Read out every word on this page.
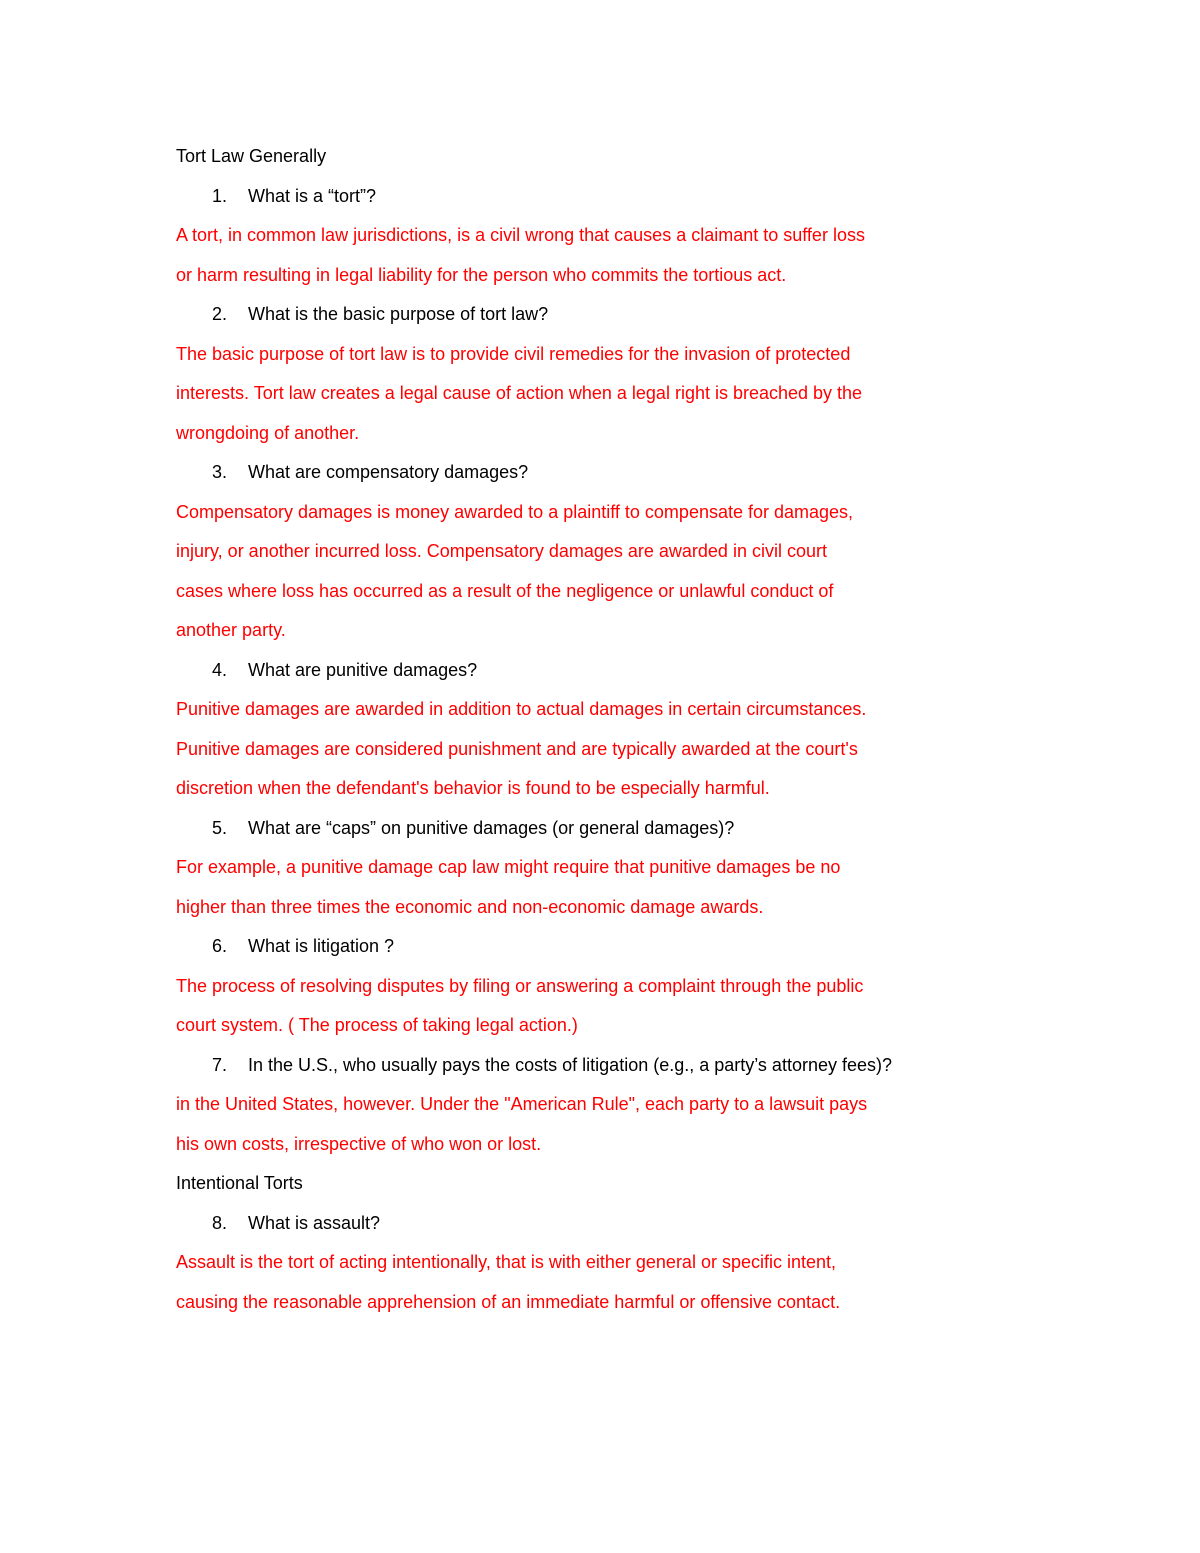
Tort Law Generally
1. What is a “tort”?
A tort, in common law jurisdictions, is a civil wrong that causes a claimant to suffer loss
or harm resulting in legal liability for the person who commits the tortious act.
2. What is the basic purpose of tort law?
The basic purpose of tort law is to provide civil remedies for the invasion of protected
interests. Tort law creates a legal cause of action when a legal right is breached by the
wrongdoing of another.
3. What are compensatory damages?
Compensatory damages is money awarded to a plaintiff to compensate for damages,
injury, or another incurred loss. Compensatory damages are awarded in civil court
cases where loss has occurred as a result of the negligence or unlawful conduct of
another party.
4. What are punitive damages?
Punitive damages are awarded in addition to actual damages in certain circumstances.
Punitive damages are considered punishment and are typically awarded at the court's
discretion when the defendant's behavior is found to be especially harmful.
5. What are “caps” on punitive damages (or general damages)?
For example, a punitive damage cap law might require that punitive damages be no
higher than three times the economic and non-economic damage awards.
6. What is litigation ?
The process of resolving disputes by filing or answering a complaint through the public
court system. ( The process of taking legal action.)
7. In the U.S., who usually pays the costs of litigation (e.g., a party’s attorney fees)?
in the United States, however. Under the "American Rule", each party to a lawsuit pays
his own costs, irrespective of who won or lost.
Intentional Torts
8. What is assault?
Assault is the tort of acting intentionally, that is with either general or specific intent,
causing the reasonable apprehension of an immediate harmful or offensive contact.
